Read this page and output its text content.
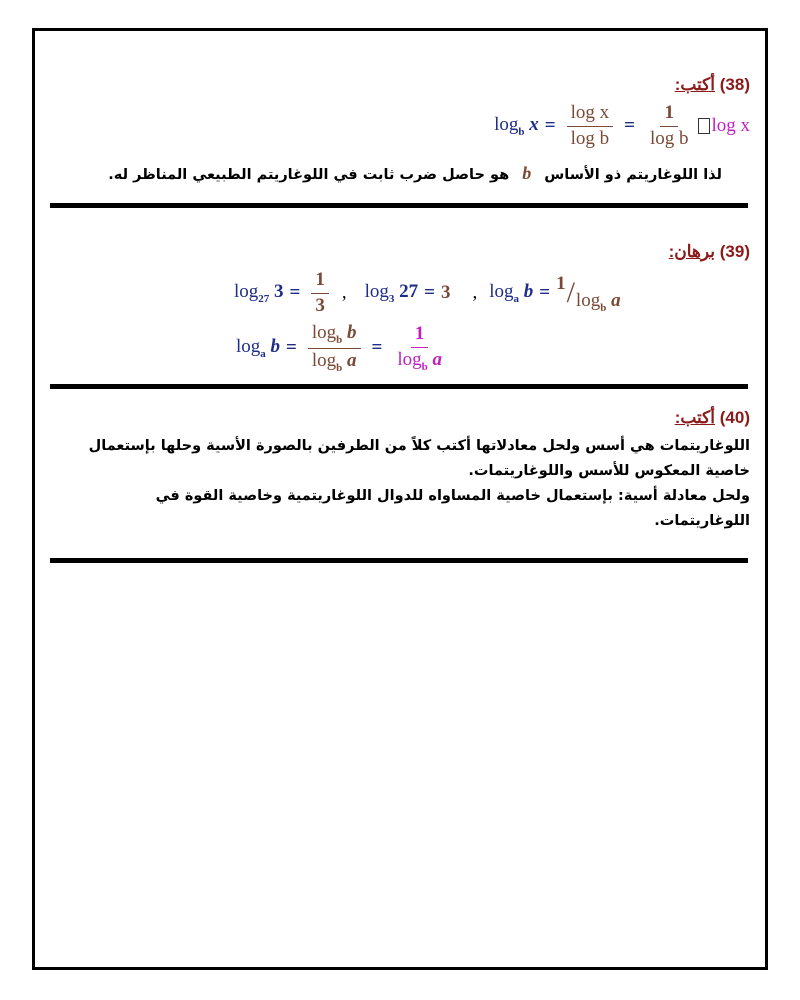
(38) أكتب:
$\log_b x = \frac{\text{log x}}{\text{log b}} = \frac{1}{\text{log b}}$ log x
لذا اللوغاريتم ذو الأساس b هو حاصل ضرب ثابت في اللوغاريتم الطبيعي المناظر له.
(39) برهان:
$\log_{27} 3 = \frac{1}{3}$ , $\log_3 27 = 3$ , $\log_a b = 1 / \log_b a$
$\log_a b = \frac{\log_b b}{\log_b a} = \frac{1}{\log_b a}$
(40) أكتب:
اللوغاريتمات هي أسس ولحل معادلاتها أكتب كلاً من الطرفين بالصورة الأسية وحلها بإستعمال
خاصية المعكوس للأسس واللوغاريتمات.
ولحل معادلة أسية: بإستعمال خاصية المساواه للدوال اللوغاريتمية وخاصية القوة في
اللوغاريتمات.
